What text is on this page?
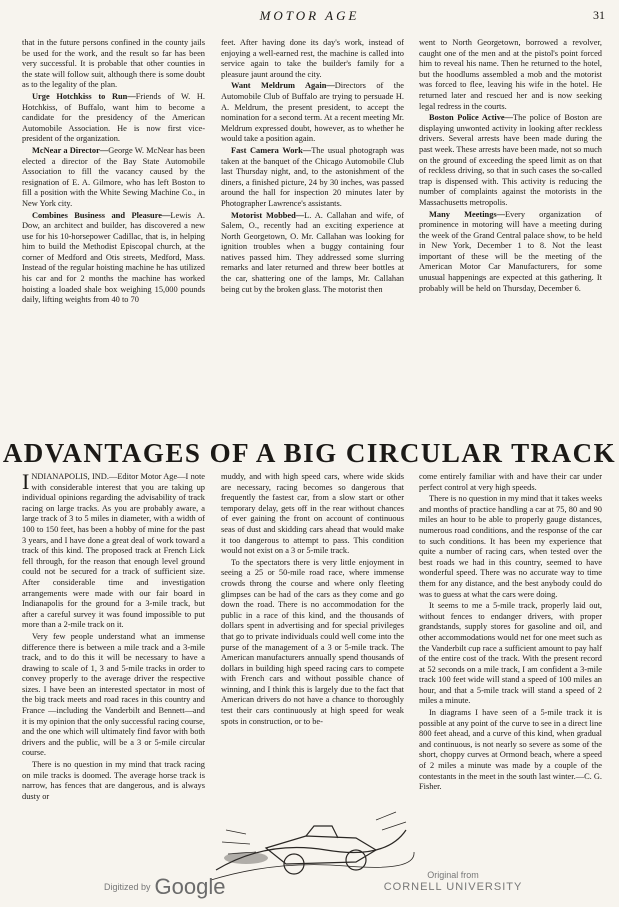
MOTOR AGE	31

that in the future persons confined in the county jails be used for the work, and the result so far has been very successful. It is probable that other counties in the state will follow suit, although there is some doubt as to the legality of the plan.

Urge Hotchkiss to Run—Friends of W. H. Hotchkiss, of Buffalo, want him to become a candidate for the presidency of the American Automobile Association. He is now first vice-president of the organization.

McNear a Director—George W. McNear has been elected a director of the Bay State Automobile Association to fill the vacancy caused by the resignation of E. A. Gilmore, who has left Boston to fill a position with the White Sewing Machine Co., in New York city.

Combines Business and Pleasure—Lewis A. Dow, an architect and builder, has discovered a new use for his 10-horsepower Cadillac, that is, in helping him to build the Methodist Episcopal church, at the corner of Medford and Otis streets, Medford, Mass. Instead of the regular hoisting machine he has utilized his car and for 2 months the machine has worked hoisting a loaded shale box weighing 15,000 pounds daily, lifting weights from 40 to 70

feet. After having done its day's work, instead of enjoying a well-earned rest, the machine is called into service again to take the builder's family for a pleasure jaunt around the city.

Want Meldrum Again—Directors of the Automobile Club of Buffalo are trying to persuade H. A. Meldrum, the present president, to accept the nomination for a second term. At a recent meeting Mr. Meldrum expressed doubt, however, as to whether he would take a position again.

Fast Camera Work—The usual photograph was taken at the banquet of the Chicago Automobile Club last Thursday night, and, to the astonishment of the diners, a finished picture, 24 by 30 inches, was passed around the hall for inspection 20 minutes later by Photographer Lawrence's assistants.

Motorist Mobbed—L. A. Callahan and wife, of Salem, O., recently had an exciting experience at North Georgetown, O. Mr. Callahan was looking for ignition troubles when a buggy containing four natives passed him. They addressed some slurring remarks and later returned and threw beer bottles at the car, shattering one of the lamps, Mr. Callahan being cut by the broken glass. The motorist then

went to North Georgetown, borrowed a revolver, caught one of the men and at the pistol's point forced him to reveal his name. Then he returned to the hotel, but the hoodlums assembled a mob and the motorist was forced to flee, leaving his wife in the hotel. He returned later and rescued her and is now seeking legal redress in the courts.

Boston Police Active—The police of Boston are displaying unwonted activity in looking after reckless drivers. Several arrests have been made during the past week. These arrests have been made, not so much on the ground of exceeding the speed limit as on that of reckless driving, so that in such cases the so-called trap is dispensed with. This activity is reducing the number of complaints against the motorists in the Massachusetts metropolis.

Many Meetings—Every organization of prominence in motoring will have a meeting during the week of the Grand Central palace show, to be held in New York, December 1 to 8. Not the least important of these will be the meeting of the American Motor Car Manufacturers, for some unusual happenings are expected at this gathering. It probably will be held on Thursday, December 6.

ADVANTAGES OF A BIG CIRCULAR TRACK

INDIANAPOLIS, IND.—Editor Motor Age—I note with considerable interest that you are taking up individual opinions regarding the advisability of track racing on large tracks. As you are probably aware, a large track of 3 to 5 miles in diameter, with a width of 100 to 150 feet, has been a hobby of mine for the past 3 years, and I have done a great deal of work toward a track of this kind. The proposed track at French Lick fell through, for the reason that enough level ground could not be secured for a track of sufficient size. After considerable time and investigation arrangements were made with our fair board in Indianapolis for the ground for a 3-mile track, but after a careful survey it was found impossible to put more than a 2-mile track on it.

Very few people understand what an immense difference there is between a mile track and a 3-mile track, and to do this it will be necessary to have a drawing to scale of 1, 3 and 5-mile tracks in order to convey properly to the average driver the respective sizes. I have been an interested spectator in most of the big track meets and road races in this country and France —including the Vanderbilt and Bennett—and it is my opinion that the only successful racing course, and the one which will ultimately find favor with both drivers and the public, will be a 3 or 5-mile circular course.

There is no question in my mind that track racing on mile tracks is doomed. The average horse track is narrow, has fences that are dangerous, and is always dusty or

muddy, and with high speed cars, where wide skids are necessary, racing becomes so dangerous that frequently the fastest car, from a slow start or other temporary delay, gets off in the rear without chances of ever gaining the front on account of continuous seas of dust and skidding cars ahead that would make it too dangerous to attempt to pass. This condition would not exist on a 3 or 5-mile track.

To the spectators there is very little enjoyment in seeing a 25 or 50-mile road race, where immense crowds throng the course and where only fleeting glimpses can be had of the cars as they come and go down the road. There is no accommodation for the public in a race of this kind, and the thousands of dollars spent in advertising and for special privileges that go to private individuals could well come into the purse of the management of a 3 or 5-mile track. The American manufacturers annually spend thousands of dollars in building high speed racing cars to compete with French cars and without possible chance of winning, and I think this is largely due to the fact that American drivers do not have a chance to thoroughly test their cars continuously at high speed for weak spots in construction, or to be-

come entirely familiar with and have their car under perfect control at very high speeds.

There is no question in my mind that it takes weeks and months of practice handling a car at 75, 80 and 90 miles an hour to be able to properly gauge distances, numerous road conditions, and the response of the car to such conditions. It has been my experience that quite a number of racing cars, when tested over the best roads we had in this country, seemed to have wonderful speed. There was no accurate way to time them for any distance, and the best anybody could do was to guess at what the cars were doing.

It seems to me a 5-mile track, properly laid out, without fences to endanger drivers, with proper grandstands, supply stores for gasoline and oil, and other accommodations would net for one meet such as the Vanderbilt cup race a sufficient amount to pay half of the entire cost of the track. With the present record at 52 seconds on a mile track, I am confident a 3-mile track 100 feet wide will stand a speed of 100 miles an hour, and that a 5-mile track will stand a speed of 2 miles a minute.

In diagrams I have seen of a 5-mile track it is possible at any point of the curve to see in a direct line 800 feet ahead, and a curve of this kind, when gradual and continuous, is not nearly so severe as some of the short, choppy curves at Ormond beach, where a speed of 2 miles a minute was made by a couple of the contestants in the meet in the south last winter.—C. G. Fisher.

Digitized by Google	Original from
CORNELL UNIVERSITY
